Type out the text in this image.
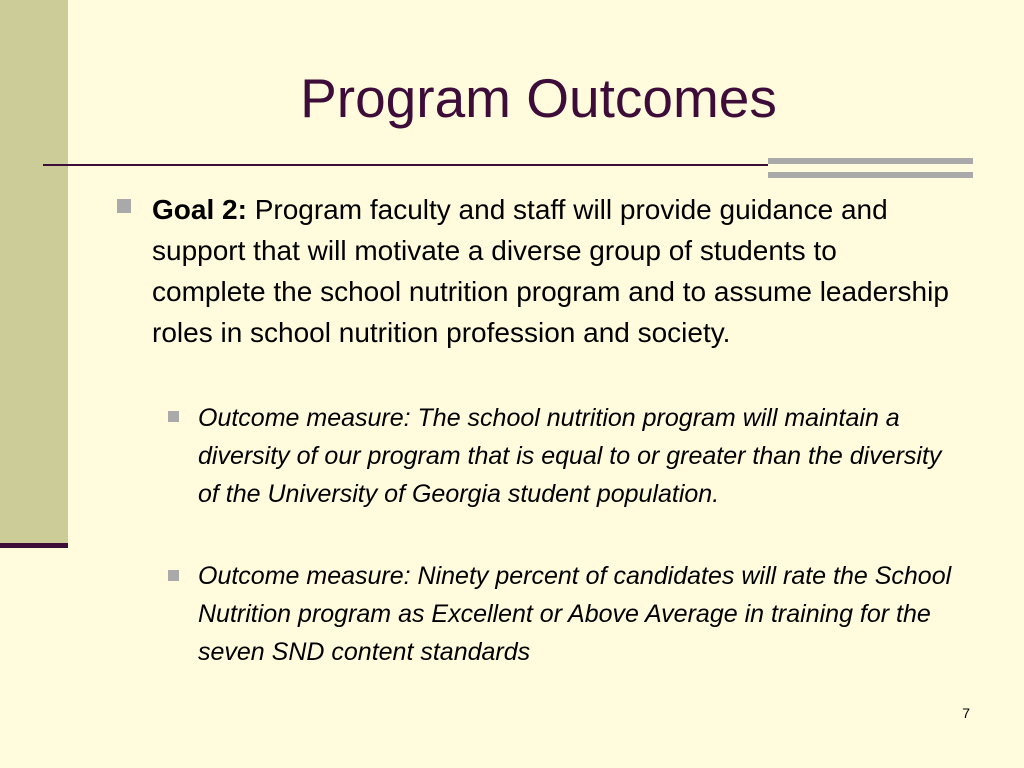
Program Outcomes

Goal 2: Program faculty and staff will provide guidance and support that will motivate a diverse group of students to complete the school nutrition program and to assume leadership roles in school nutrition profession and society.

Outcome measure: The school nutrition program will maintain a diversity of our program that is equal to or greater than the diversity of the University of Georgia student population.

Outcome measure: Ninety percent of candidates will rate the School Nutrition program as Excellent or Above Average in training for the seven SND content standards

7
